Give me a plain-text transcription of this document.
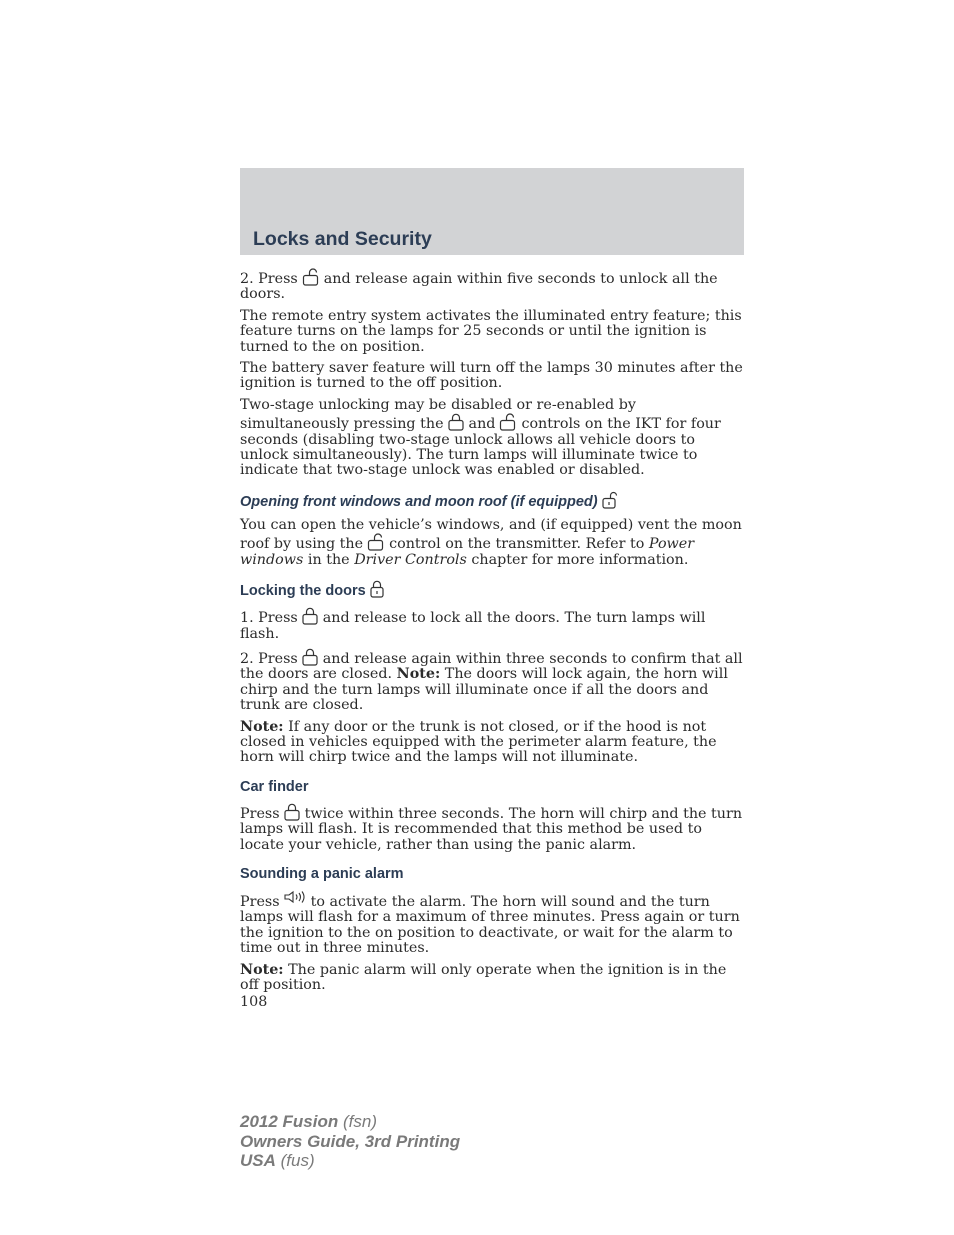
Locks and Security

2. Press and release again within five seconds to unlock all the doors.

The remote entry system activates the illuminated entry feature; this feature turns on the lamps for 25 seconds or until the ignition is turned to the on position.

The battery saver feature will turn off the lamps 30 minutes after the ignition is turned to the off position.

Two-stage unlocking may be disabled or re-enabled by simultaneously pressing the and controls on the IKT for four seconds (disabling two-stage unlock allows all vehicle doors to unlock simultaneously). The turn lamps will illuminate twice to indicate that two-stage unlock was enabled or disabled.

Opening front windows and moon roof (if equipped)

You can open the vehicle’s windows, and (if equipped) vent the moon roof by using the control on the transmitter. Refer to Power windows in the Driver Controls chapter for more information.

Locking the doors

1. Press and release to lock all the doors. The turn lamps will flash.

2. Press and release again within three seconds to confirm that all the doors are closed. Note: The doors will lock again, the horn will chirp and the turn lamps will illuminate once if all the doors and trunk are closed.

Note: If any door or the trunk is not closed, or if the hood is not closed in vehicles equipped with the perimeter alarm feature, the horn will chirp twice and the lamps will not illuminate.

Car finder

Press twice within three seconds. The horn will chirp and the turn lamps will flash. It is recommended that this method be used to locate your vehicle, rather than using the panic alarm.

Sounding a panic alarm

Press to activate the alarm. The horn will sound and the turn lamps will flash for a maximum of three minutes. Press again or turn the ignition to the on position to deactivate, or wait for the alarm to time out in three minutes.

Note: The panic alarm will only operate when the ignition is in the off position.

108
2012 Fusion (fsn)
Owners Guide, 3rd Printing
USA (fus)
